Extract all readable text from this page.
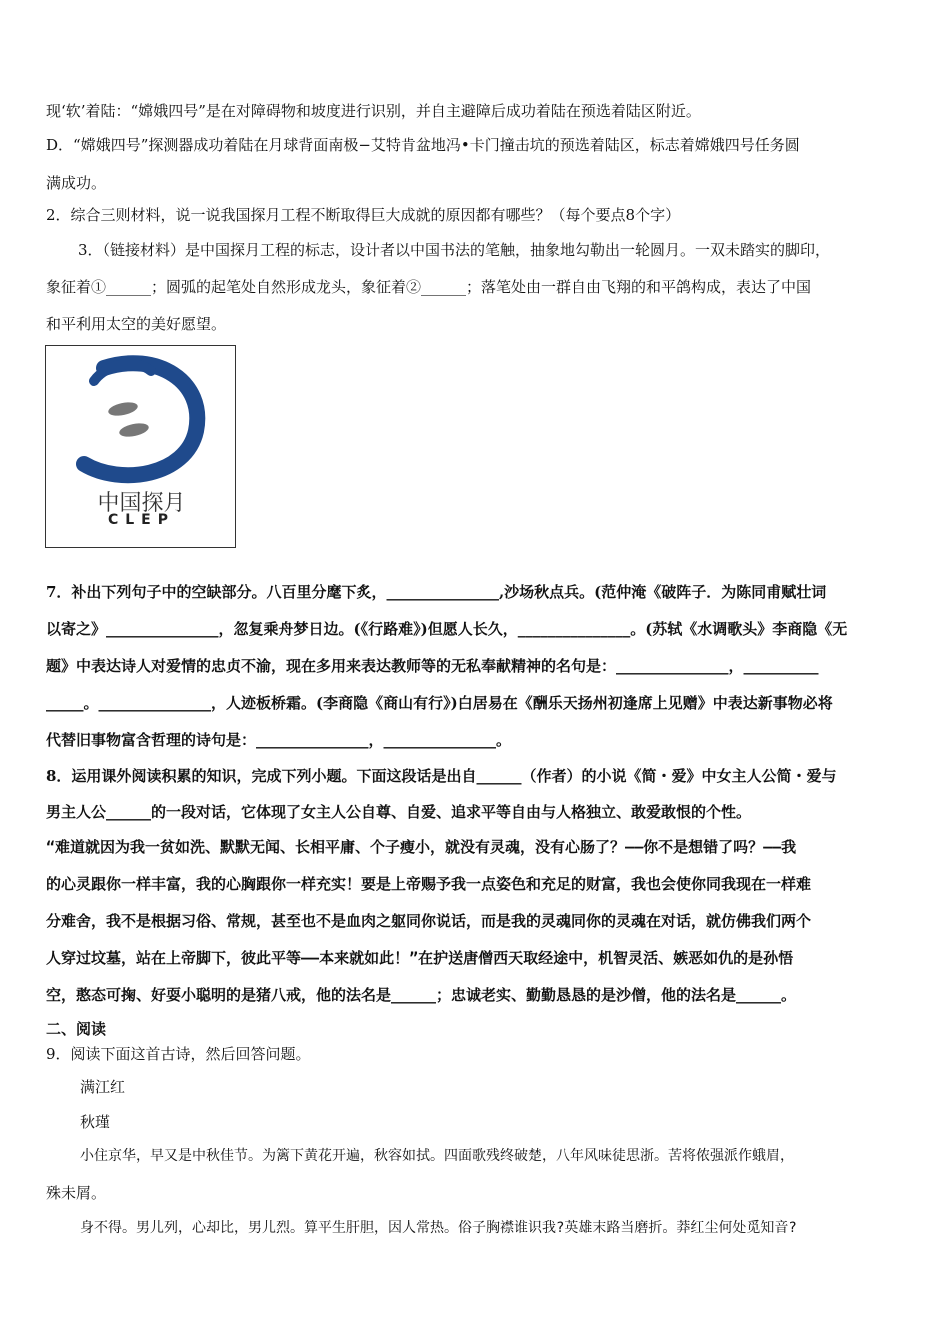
现‘软’着陆：“嫦娥四号”是在对障碍物和坡度进行识别，并自主避障后成功着陆在预选着陆区附近。
D．“嫦娥四号”探测器成功着陆在月球背面南极−艾特肯盆地冯•卡门撞击坑的预选着陆区，标志着嫦娥四号任务圆
满成功。
2．综合三则材料，说一说我国探月工程不断取得巨大成就的原因都有哪些？（每个要点8个字）
3．（链接材料）是中国探月工程的标志，设计者以中国书法的笔触，抽象地勾勒出一轮圆月。一双未踏实的脚印，
象征着①______；圆弧的起笔处自然形成龙头，象征着②______；落笔处由一群自由飞翔的和平鸽构成，表达了中国
和平利用太空的美好愿望。
中国探月
CLEP
7．补出下列句子中的空缺部分。八百里分麾下炙，_______________,沙场秋点兵。(范仲淹《破阵子．为陈同甫赋壮词
以寄之》_______________，忽复乘舟梦日边。(《行路难》)但愿人长久，_______________。(苏轼《水调歌头》李商隐《无
题》中表达诗人对爱情的忠贞不渝，现在多用来表达教师等的无私奉献精神的名句是：_______________，__________
_____。_______________，人迹板桥霜。(李商隐《商山有行》)白居易在《酬乐天扬州初逢席上见赠》中表达新事物必将
代替旧事物富含哲理的诗句是：_______________，_______________。
8．运用课外阅读积累的知识，完成下列小题。下面这段话是出自______（作者）的小说《简・爱》中女主人公简・爱与
男主人公______的一段对话，它体现了女主人公自尊、自爱、追求平等自由与人格独立、敢爱敢恨的个性。
“难道就因为我一贫如洗、默默无闻、长相平庸、个子瘦小，就没有灵魂，没有心肠了？——你不是想错了吗？——我
的心灵跟你一样丰富，我的心胸跟你一样充实！要是上帝赐予我一点姿色和充足的财富，我也会使你同我现在一样难
分难舍，我不是根据习俗、常规，甚至也不是血肉之躯同你说话，而是我的灵魂同你的灵魂在对话，就仿佛我们两个
人穿过坟墓，站在上帝脚下，彼此平等——本来就如此！”在护送唐僧西天取经途中，机智灵活、嫉恶如仇的是孙悟
空，憨态可掬、好耍小聪明的是猪八戒，他的法名是______；忠诚老实、勤勤恳恳的是沙僧，他的法名是______。
二、阅读
9．阅读下面这首古诗，然后回答问题。
满江红
秋瑾
小住京华，早又是中秋佳节。为篱下黄花开遍，秋容如拭。四面歌残终破楚，八年风味徒思浙。苦将侬强派作蛾眉，
殊未屑。
身不得。男儿列，心却比，男儿烈。算平生肝胆，因人常热。俗子胸襟谁识我?英雄末路当磨折。莽红尘何处觅知音?
